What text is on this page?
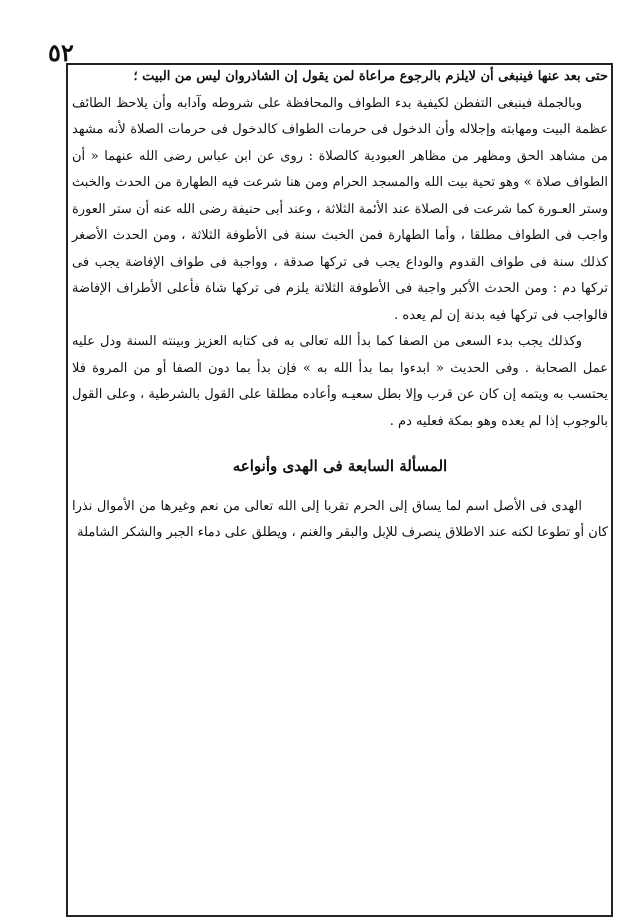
٥٢

حتى بعد عنها فينبغى أن لايلزم بالرجوع مراعاة لمن يقول إن الشاذروان ليس من البيت ؛

وبالجملة فينبغى التفطن لكيفية بدء الطواف والمحافظة على شروطه وآدابه وأن يلاحظ الطائف عظمة البيت ومهابته وإجلاله وأن الدخول فى حرمات الطواف كالدخول فى حرمات الصلاة لأنه مشهد من مشاهد الحق ومظهر من مظاهر العبودية كالصلاة : روى عن ابن عباس رضى الله عنهما « أن الطواف صلاة » وهو تحية بيت الله والمسجد الحرام ومن هنا شرعت فيه الطهارة من الحدث والخبث وستر العـورة كما شرعت فى الصلاة عند الأئمة الثلاثة ، وعند أبى حنيفة رضى الله عنه أن ستر العورة واجب فى الطواف مطلقا ، وأما الطهارة فمن الخبث سنة فى الأطوفة الثلاثة ، ومن الحدث الأصغر كذلك سنة فى طواف القدوم والوداع يجب فى تركها صدقة ، وواجبة فى طواف الإفاضة يجب فى تركها دم : ومن الحدث الأكبر واجبة فى الأطوفة الثلاثة يلزم فى تركها شاة فأعلى الأطراف الإفاضة فالواجب فى تركها فيه بدنة إن لم يعده .

وكذلك يجب بدء السعى من الصفا كما بدأ الله تعالى به فى كتابه العزيز وبينته السنة ودل عليه عمل الصحابة . وفى الحديث « ابدءوا بما بدأ الله به » فإن بدأ بما دون الصفا أو من المروة فلا يحتسب به ويتمه إن كان عن قرب وإلا بطل سعيـه وأعاده مطلقا على القول بالشرطية ، وعلى القول بالوجوب إذا لم يعده وهو بمكة فعليه دم .

المسألة السابعة فى الهدى وأنواعه

الهدى فى الأصل اسم لما يساق إلى الحرم تقربا إلى الله تعالى من نعم وغيرها من الأموال نذرا كان أو تطوعا لكنه عند الاطلاق ينصرف للإبل والبقر والغنم ، ويطلق على دماء الجبر والشكر الشاملة
